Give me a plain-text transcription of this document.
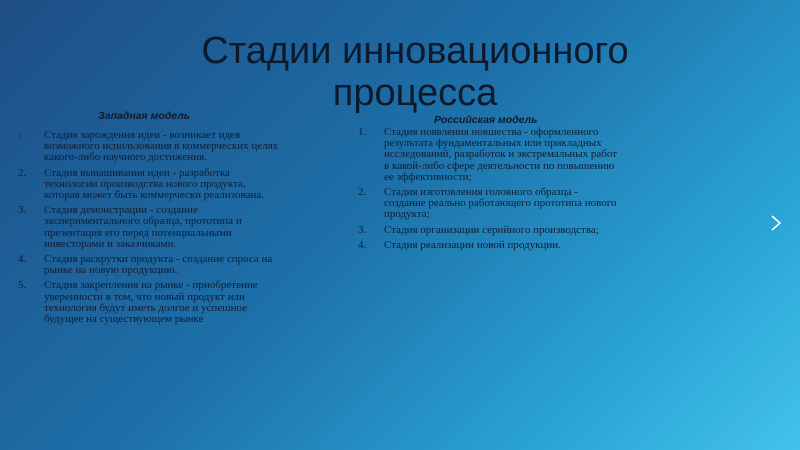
Стадии инновационного процесса
Западная модель
1. Стадия зарождения идеи - возникает идея возможного использования в коммерческих целях какого-либо научного достижения.
2. Стадия вынашивания идеи - разработка технологии производства нового продукта, которая может быть коммерчески реализована.
3. Стадия демонстрации - создание экспериментального образца, прототипа и презентация его перед потенциальными инвесторами и заказчиками.
4. Стадия раскрутки продукта - создание спроса на рынке на новую продукцию.
5. Стадия закрепления на рынке - приобретение уверенности в том, что новый продукт или технология будут иметь долгое и успешное будущее на существующем рынке
Российская модель
1. Стадия появления новшества - оформленного результата фундаментальных или прикладных исследований, разработок и экстремальных работ в какой-либо сфере деятельности по повышению ее эффективности;
2. Стадия изготовления головного образца - создание реально работающего прототипа нового продукта;
3. Стадия организации серийного производства;
4. Стадия реализации новой продукции.
